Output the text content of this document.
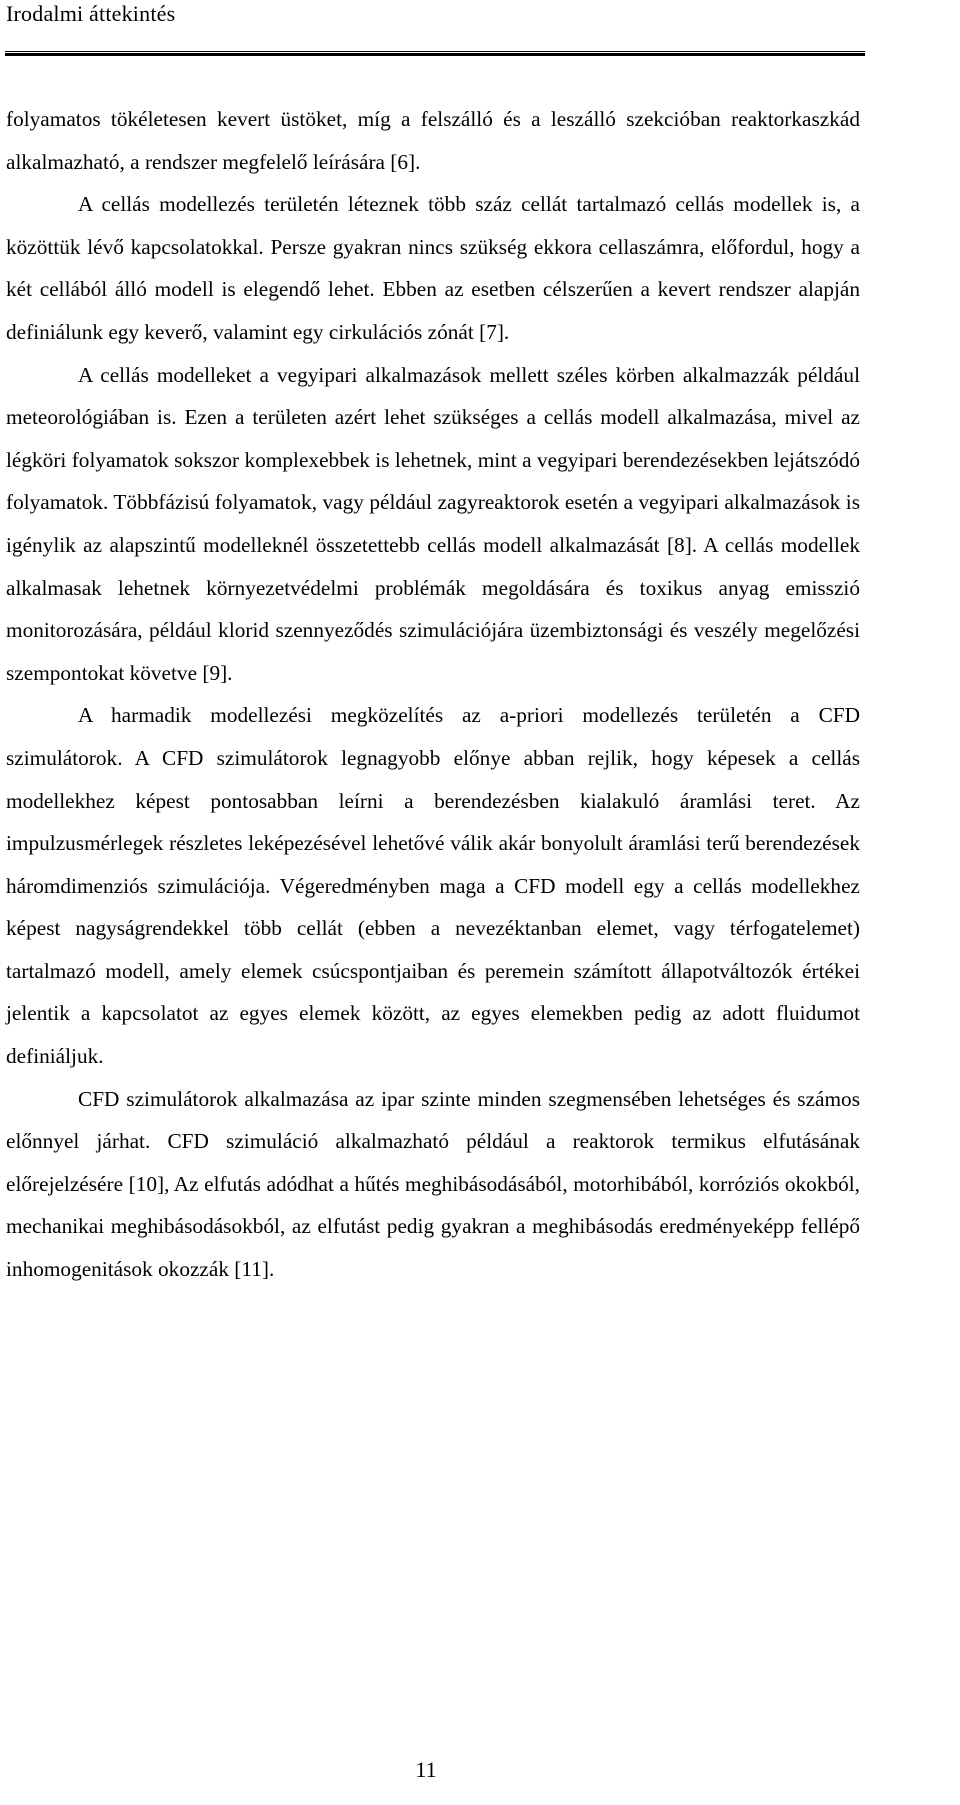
Irodalmi áttekintés

folyamatos tökéletesen kevert üstöket, míg a felszálló és a leszálló szekcióban reaktorkaszkád alkalmazható, a rendszer megfelelő leírására [6].

A cellás modellezés területén léteznek több száz cellát tartalmazó cellás modellek is, a közöttük lévő kapcsolatokkal. Persze gyakran nincs szükség ekkora cellaszámra, előfordul, hogy a két cellából álló modell is elegendő lehet. Ebben az esetben célszerűen a kevert rendszer alapján definiálunk egy keverő, valamint egy cirkulációs zónát [7].

A cellás modelleket a vegyipari alkalmazások mellett széles körben alkalmazzák például meteorológiában is. Ezen a területen azért lehet szükséges a cellás modell alkalmazása, mivel az légköri folyamatok sokszor komplexebbek is lehetnek, mint a vegyipari berendezésekben lejátszódó folyamatok. Többfázisú folyamatok, vagy például zagyreaktorok esetén a vegyipari alkalmazások is igénylik az alapszintű modelleknél összetettebb cellás modell alkalmazását [8]. A cellás modellek alkalmasak lehetnek környezetvédelmi problémák megoldására és toxikus anyag emisszió monitorozására, például klorid szennyeződés szimulációjára üzembiztonsági és veszély megelőzési szempontokat követve [9].

A harmadik modellezési megközelítés az a-priori modellezés területén a CFD szimulátorok. A CFD szimulátorok legnagyobb előnye abban rejlik, hogy képesek a cellás modellekhez képest pontosabban leírni a berendezésben kialakuló áramlási teret. Az impulzusmérlegek részletes leképezésével lehetővé válik akár bonyolult áramlási terű berendezések háromdimenziós szimulációja. Végeredményben maga a CFD modell egy a cellás modellekhez képest nagyságrendekkel több cellát (ebben a nevezéktanban elemet, vagy térfogatelemet) tartalmazó modell, amely elemek csúcspontjaiban és peremein számított állapotváltozók értékei jelentik a kapcsolatot az egyes elemek között, az egyes elemekben pedig az adott fluidumot definiáljuk.

CFD szimulátorok alkalmazása az ipar szinte minden szegmensében lehetséges és számos előnnyel járhat. CFD szimuláció alkalmazható például a reaktorok termikus elfutásának előrejelzésére [10], Az elfutás adódhat a hűtés meghibásodásából, motorhibából, korróziós okokból, mechanikai meghibásodásokból, az elfutást pedig gyakran a meghibásodás eredményeképp fellépő inhomogenitások okozzák [11].

11
